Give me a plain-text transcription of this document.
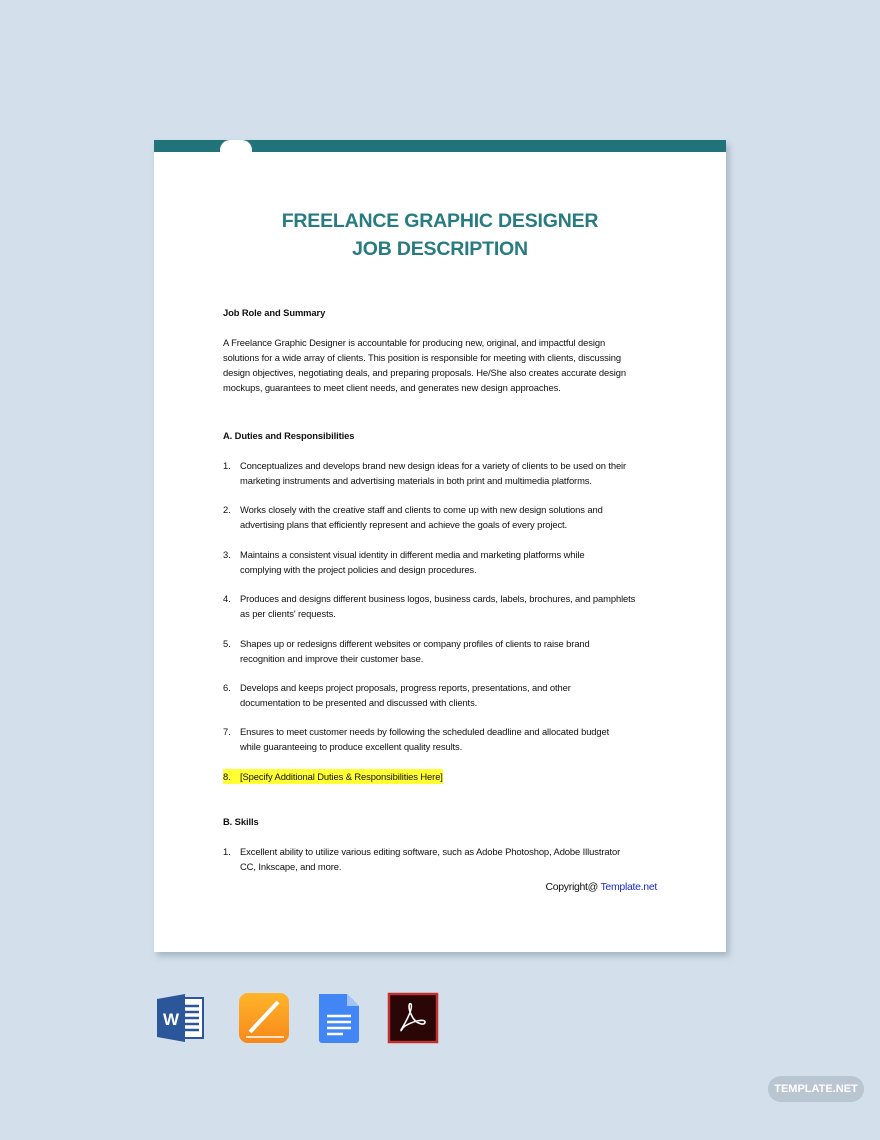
FREELANCE GRAPHIC DESIGNER
JOB DESCRIPTION
Job Role and Summary
A Freelance Graphic Designer is accountable for producing new, original, and impactful design
solutions for a wide array of clients. This position is responsible for meeting with clients, discussing
design objectives, negotiating deals, and preparing proposals. He/She also creates accurate design
mockups, guarantees to meet client needs, and generates new design approaches.
A. Duties and Responsibilities
1. Conceptualizes and develops brand new design ideas for a variety of clients to be used on their
marketing instruments and advertising materials in both print and multimedia platforms.
2. Works closely with the creative staff and clients to come up with new design solutions and
advertising plans that efficiently represent and achieve the goals of every project.
3. Maintains a consistent visual identity in different media and marketing platforms while
complying with the project policies and design procedures.
4. Produces and designs different business logos, business cards, labels, brochures, and pamphlets
as per clients' requests.
5. Shapes up or redesigns different websites or company profiles of clients to raise brand
recognition and improve their customer base.
6. Develops and keeps project proposals, progress reports, presentations, and other
documentation to be presented and discussed with clients.
7. Ensures to meet customer needs by following the scheduled deadline and allocated budget
while guaranteeing to produce excellent quality results.
8. [Specify Additional Duties & Responsibilities Here]
B. Skills
1. Excellent ability to utilize various editing software, such as Adobe Photoshop, Adobe Illustrator
CC, Inkscape, and more.
Copyright@ Template.net
W
TEMPLATE.NET
